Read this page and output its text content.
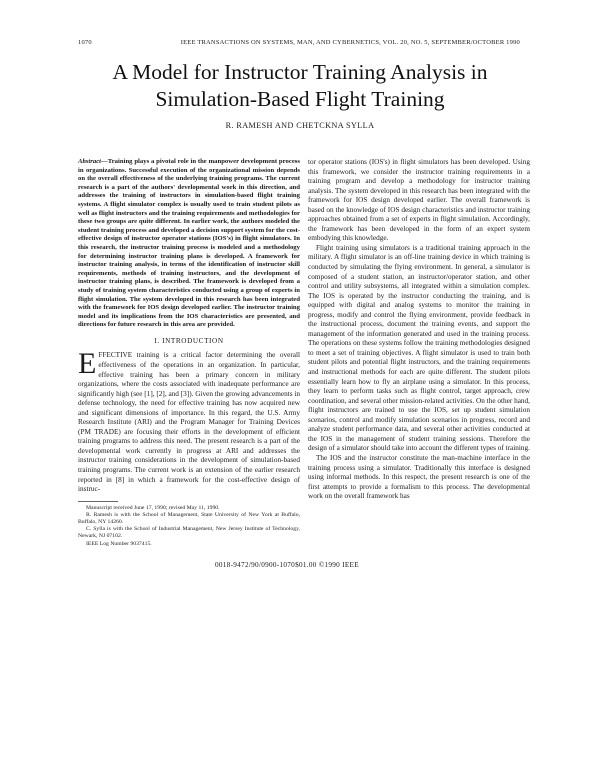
1070	IEEE TRANSACTIONS ON SYSTEMS, MAN, AND CYBERNETICS, VOL. 20, NO. 5, SEPTEMBER/OCTOBER 1990
A Model for Instructor Training Analysis in
Simulation-Based Flight Training
R. RAMESH AND CHETCKNA SYLLA
Abstract—Training plays a pivotal role in the manpower development process in organizations. Successful execution of the organizational mission depends on the overall effectiveness of the underlying training programs. The current research is a part of the authors' developmental work in this direction, and addresses the training of instructors in simulation-based flight training systems. A flight simulator complex is usually used to train student pilots as well as flight instructors and the training requirements and methodologies for these two groups are quite different. In earlier work, the authors modeled the student training process and developed a decision support system for the cost-effective design of instructor operator stations (IOS's) in flight simulators. In this research, the instructor training process is modeled and a methodology for determining instructor training plans is developed. A framework for instructor training analysis, in terms of the identification of instructor skill requirements, methods of training instructors, and the development of instructor training plans, is described. The framework is developed from a study of training system characteristics conducted using a group of experts in flight simulation. The system developed in this research has been integrated with the framework for IOS design developed earlier. The instructor training model and its implications from the IOS characteristics are presented, and directions for future research in this area are provided.
I. INTRODUCTION

EFFECTIVE training is a critical factor determining the overall effectiveness of the operations in an organization. In particular, effective training has been a primary concern in military organizations, where the costs associated with inadequate performance are significantly high (see [1], [2], and [3]). Given the growing advancements in defense technology, the need for effective training has now acquired new and significant dimensions of importance. In this regard, the U.S. Army Research Institute (ARI) and the Program Manager for Training Devices (PM TRADE) are focusing their efforts in the development of efficient training programs to address this need. The present research is a part of the developmental work currently in progress at ARI and addresses the instructor training considerations in the development of simulation-based training programs. The current work is an extension of the earlier research reported in [8] in which a framework for the cost-effective design of instruc-

Manuscript received June 17, 1990; revised May 11, 1990.

R. Ramesh is with the School of Management, State University of New York at Buffalo, Buffalo, NY 14260.

C. Sylla is with the School of Industrial Management, New Jersey Institute of Technology, Newark, NJ 07102.

IEEE Log Number 9037415.

tor operator stations (IOS's) in flight simulators has been developed. Using this framework, we consider the instructor training requirements in a training program and develop a methodology for instructor training analysis. The system developed in this research has been integrated with the framework for IOS design developed earlier. The overall framework is based on the knowledge of IOS design characteristics and instructor training approaches obtained from a set of experts in flight simulation. Accordingly, the framework has been developed in the form of an expert system embodying this knowledge.

Flight training using simulators is a traditional training approach in the military. A flight simulator is an off-line training device in which training is conducted by simulating the flying environment. In general, a simulator is composed of a student station, an instructor/operator station, and other control and utility subsystems, all integrated within a simulation complex. The IOS is operated by the instructor conducting the training, and is equipped with digital and analog systems to monitor the training in progress, modify and control the flying environment, provide feedback in the instructional process, document the training events, and support the management of the information generated and used in the training process. The operations on these systems follow the training methodologies designed to meet a set of training objectives. A flight simulator is used to train both student pilots and potential flight instructors, and the training requirements and instructional methods for each are quite different. The student pilots essentially learn how to fly an airplane using a simulator. In this process, they learn to perform tasks such as flight control, target approach, crew coordination, and several other mission-related activities. On the other hand, flight instructors are trained to use the IOS, set up student simulation scenarios, control and modify simulation scenarios in progress, record and analyze student performance data, and several other activities conducted at the IOS in the management of student training sessions. Therefore the design of a simulator should take into account the different types of training.

The IOS and the instructor constitute the man-machine interface in the training process using a simulator. Traditionally this interface is designed using informal methods. In this respect, the present research is one of the first attempts to provide a formalism to this process. The developmental work on the overall framework has

0018-9472/90/0900-1070$01.00 ©1990 IEEE
